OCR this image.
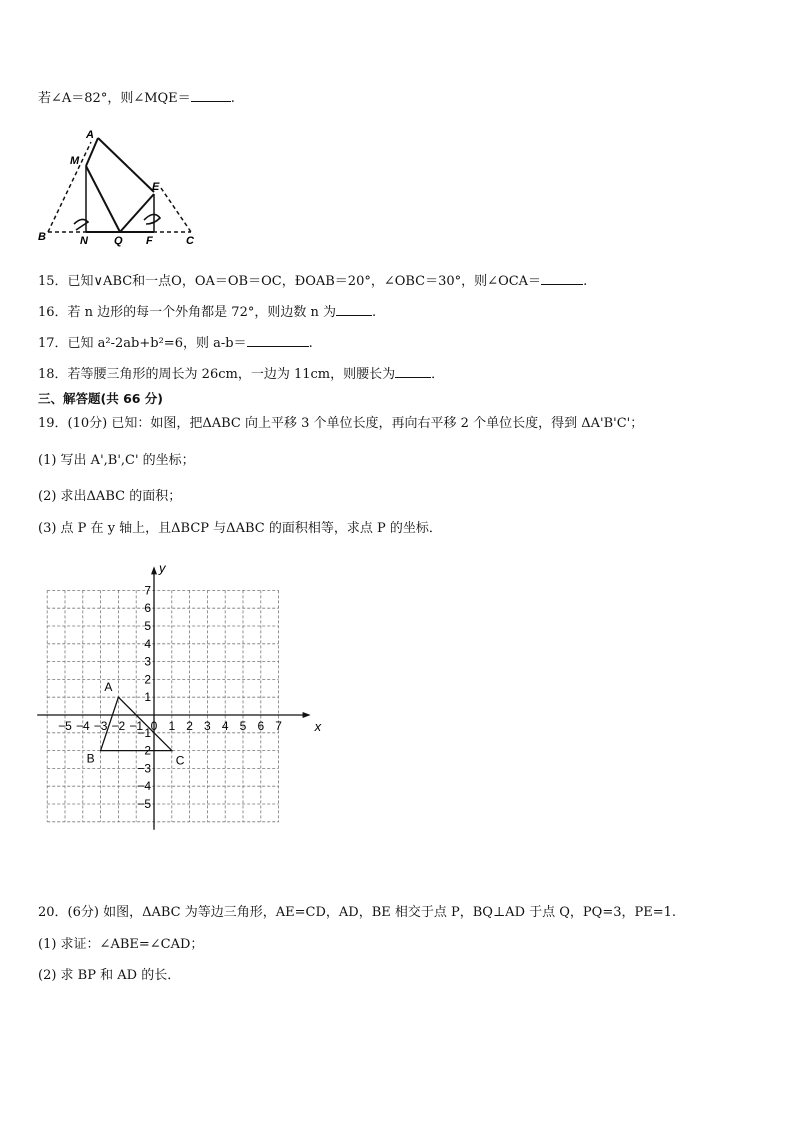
若∠A＝82°，则∠MQE＝	.
A
M
E
B	N Q F	C
15．已知∨ABC和一点O，OA＝OB＝OC，ĐOAB＝20°，∠OBC＝30°，则∠OCA＝	.
16．若 n 边形的每一个外角都是 72°，则边数 n 为	.
17．已知 a²-2ab+b²=6，则 a-b＝	.
18．若等腰三角形的周长为 26cm，一边为 11cm，则腰长为	．
三、解答题(共 66 分)
19．(10分) 已知：如图，把ΔABC 向上平移 3 个单位长度，再向右平移 2 个单位长度，得到 ΔA'B'C'；
(1) 写出 A',B',C' 的坐标；
(2) 求出ΔABC 的面积；
(3) 点 P 在 y 轴上，且ΔBCP 与ΔABC 的面积相等，求点 P 的坐标．
x
y
−5 −4 −3 −2 −1 0 1 2 3 4 5 6 7
7
6
5
4
3
2
1
−1
−2
−3
−4
−5
A
B	C
20．(6分) 如图，ΔABC 为等边三角形，AE=CD，AD，BE 相交于点 P，BQ⊥AD 于点 Q，PQ=3，PE=1.
(1) 求证：∠ABE=∠CAD；
(2) 求 BP 和 AD 的长．
